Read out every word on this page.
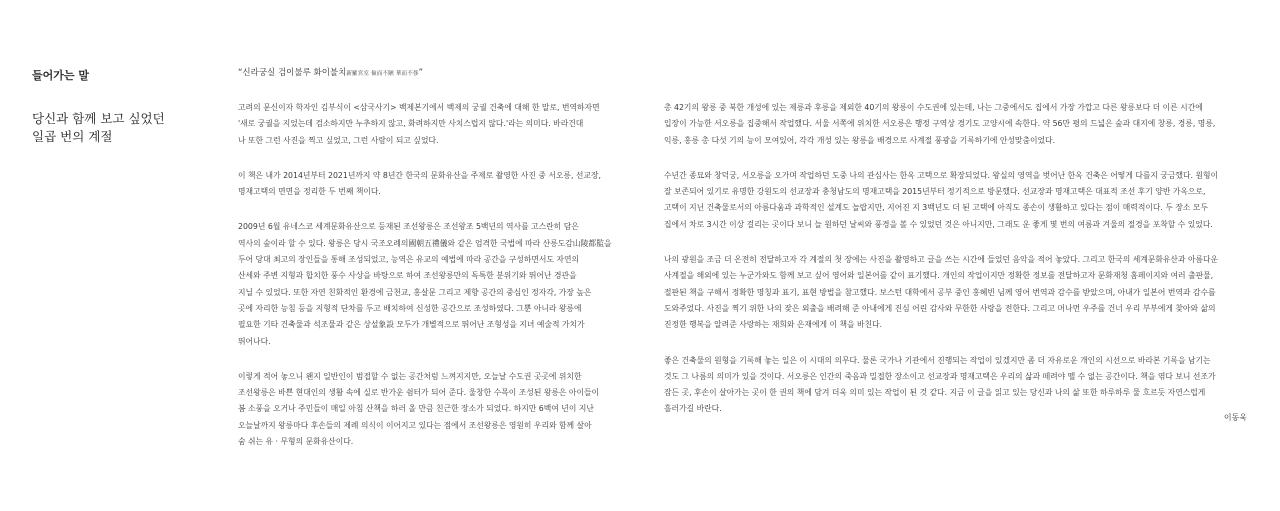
들어가는 말
당신과 함께 보고 싶었던
일곱 번의 계절
“신라궁실 검이불루 화이불치新羅宮室 儉而不陋 華而不侈”
고려의 문신이자 학자인 김부식이 <삼국사기> 백제본기에서 백제의 궁궐 건축에 대해 한 말로, 번역하자면
'새로 궁궐을 지었는데 검소하지만 누추하지 않고, 화려하지만 사치스럽지 않다.'라는 의미다. 바라건대
나 또한 그런 사진을 찍고 싶었고, 그런 사람이 되고 싶었다.
이 책은 내가 2014년부터 2021년까지 약 8년간 한국의 문화유산을 주제로 촬영한 사진 중 서오릉, 선교장,
명재고택의 면면을 정리한 두 번째 책이다.
2009년 6월 유네스코 세계문화유산으로 등재된 조선왕릉은 조선왕조 5백년의 역사를 고스란히 담은
역사의 숲이라 할 수 있다. 왕릉은 당시 국조오례의國朝五禮儀와 같은 엄격한 국법에 따라 산릉도감山陵都監을
두어 당대 최고의 장인들을 통해 조성되었고, 능역은 유교의 예법에 따라 공간을 구성하면서도 자연의
산세와 주변 지형과 합치한 풍수 사상을 바탕으로 하여 조선왕릉만의 독특한 분위기와 뛰어난 경관을
지닐 수 있었다. 또한 자연 친화적인 환경에 금천교, 홍살문 그리고 제향 공간의 중심인 정자각, 가장 높은
곳에 자리한 능침 등을 지형적 단차를 두고 배치하여 신성한 공간으로 조성하였다. 그뿐 아니라 왕릉에
필요한 기타 건축물과 석조물과 같은 상설象設 모두가 개별적으로 뛰어난 조형성을 지녀 예술적 가치가
뛰어나다.
이렇게 적어 놓으니 왠지 일반인이 범접할 수 없는 공간처럼 느껴지지만, 오늘날 수도권 곳곳에 위치한
조선왕릉은 바쁜 현대인의 생활 속에 실로 반가운 쉼터가 되어 준다. 울창한 수목이 조성된 왕릉은 아이들이
봄 소풍을 오거나 주민들이 매일 아침 산책을 하러 올 만큼 친근한 장소가 되었다. 하지만 6백여 년이 지난
오늘날까지 왕릉마다 후손들의 제례 의식이 이어지고 있다는 점에서 조선왕릉은 영원히 우리와 함께 살아
숨 쉬는 유 · 무형의 문화유산이다.
총 42기의 왕릉 중 북한 개성에 있는 제릉과 후릉을 제외한 40기의 왕릉이 수도권에 있는데, 나는 그중에서도 집에서 가장 가깝고 다른 왕릉보다 더 이른 시간에
입장이 가능한 서오릉을 집중해서 작업했다. 서울 서쪽에 위치한 서오릉은 행정 구역상 경기도 고양시에 속한다. 약 56만 평의 드넓은 숲과 대지에 창릉, 경릉, 명릉,
익릉, 홍릉 총 다섯 기의 능이 모여있어, 각각 개성 있는 왕릉을 배경으로 사계절 풍광을 기록하기에 안성맞춤이었다.
수년간 종묘와 창덕궁, 서오릉을 오가며 작업하던 도중 나의 관심사는 한옥 고택으로 확장되었다. 왕실의 영역을 벗어난 한옥 건축은 어떻게 다를지 궁금했다. 원형이
잘 보존되어 있기로 유명한 강원도의 선교장과 충청남도의 명재고택을 2015년부터 정기적으로 방문했다. 선교장과 명재고택은 대표적 조선 후기 양반 가옥으로,
고택이 지닌 건축물로서의 아름다움과 과학적인 설계도 놀랍지만, 지어진 지 3백년도 더 된 고택에 아직도 종손이 생활하고 있다는 점이 매력적이다. 두 장소 모두
집에서 차로 3시간 이상 걸리는 곳이다 보니 늘 원하던 날씨와 풍경을 볼 수 있었던 것은 아니지만, 그래도 운 좋게 몇 번의 여름과 겨울의 절경을 포착할 수 있었다.
나의 광원을 조금 더 온전히 전달하고자 각 계절의 첫 장에는 사진을 촬영하고 글을 쓰는 시간에 들었던 음악을 적어 놓았다. 그리고 한국의 세계문화유산과 아름다운
사계절을 해외에 있는 누군가와도 함께 보고 싶어 영어와 일본어를 같이 표기했다. 개인의 작업이지만 정확한 정보를 전달하고자 문화재청 홈페이지와 여러 출판물,
절판된 책을 구해서 정확한 명칭과 표기, 표현 방법을 참고했다. 보스턴 대학에서 공부 중인 홍혜빈 님께 영어 번역과 감수를 받았으며, 아내가 일본어 번역과 감수를
도와주었다. 사진을 찍기 위한 나의 잦은 외출을 배려해 준 아내에게 진심 어린 감사와 무한한 사랑을 전한다. 그리고 머나먼 우주를 건너 우리 부부에게 찾아와 삶의
진정한 행복을 알려준 사랑하는 재희와 은재에게 이 책을 바친다.
좋은 건축물의 원형을 기록해 놓는 일은 이 시대의 의무다. 물론 국가나 기관에서 진행되는 작업이 있겠지만 좀 더 자유로운 개인의 시선으로 바라본 기록을 남기는
것도 그 나름의 의미가 있을 것이다. 서오릉은 인간의 죽음과 밀접한 장소이고 선교장과 명재고택은 우리의 삶과 떼려야 뗄 수 없는 공간이다. 책을 엮다 보니 선조가
잠든 곳, 후손이 살아가는 곳이 한 권의 책에 담겨 더욱 의미 있는 작업이 된 것 같다. 지금 이 글을 읽고 있는 당신과 나의 삶 또한 하루하루 물 흐르듯 자연스럽게
흘러가길 바란다.
이동욱
